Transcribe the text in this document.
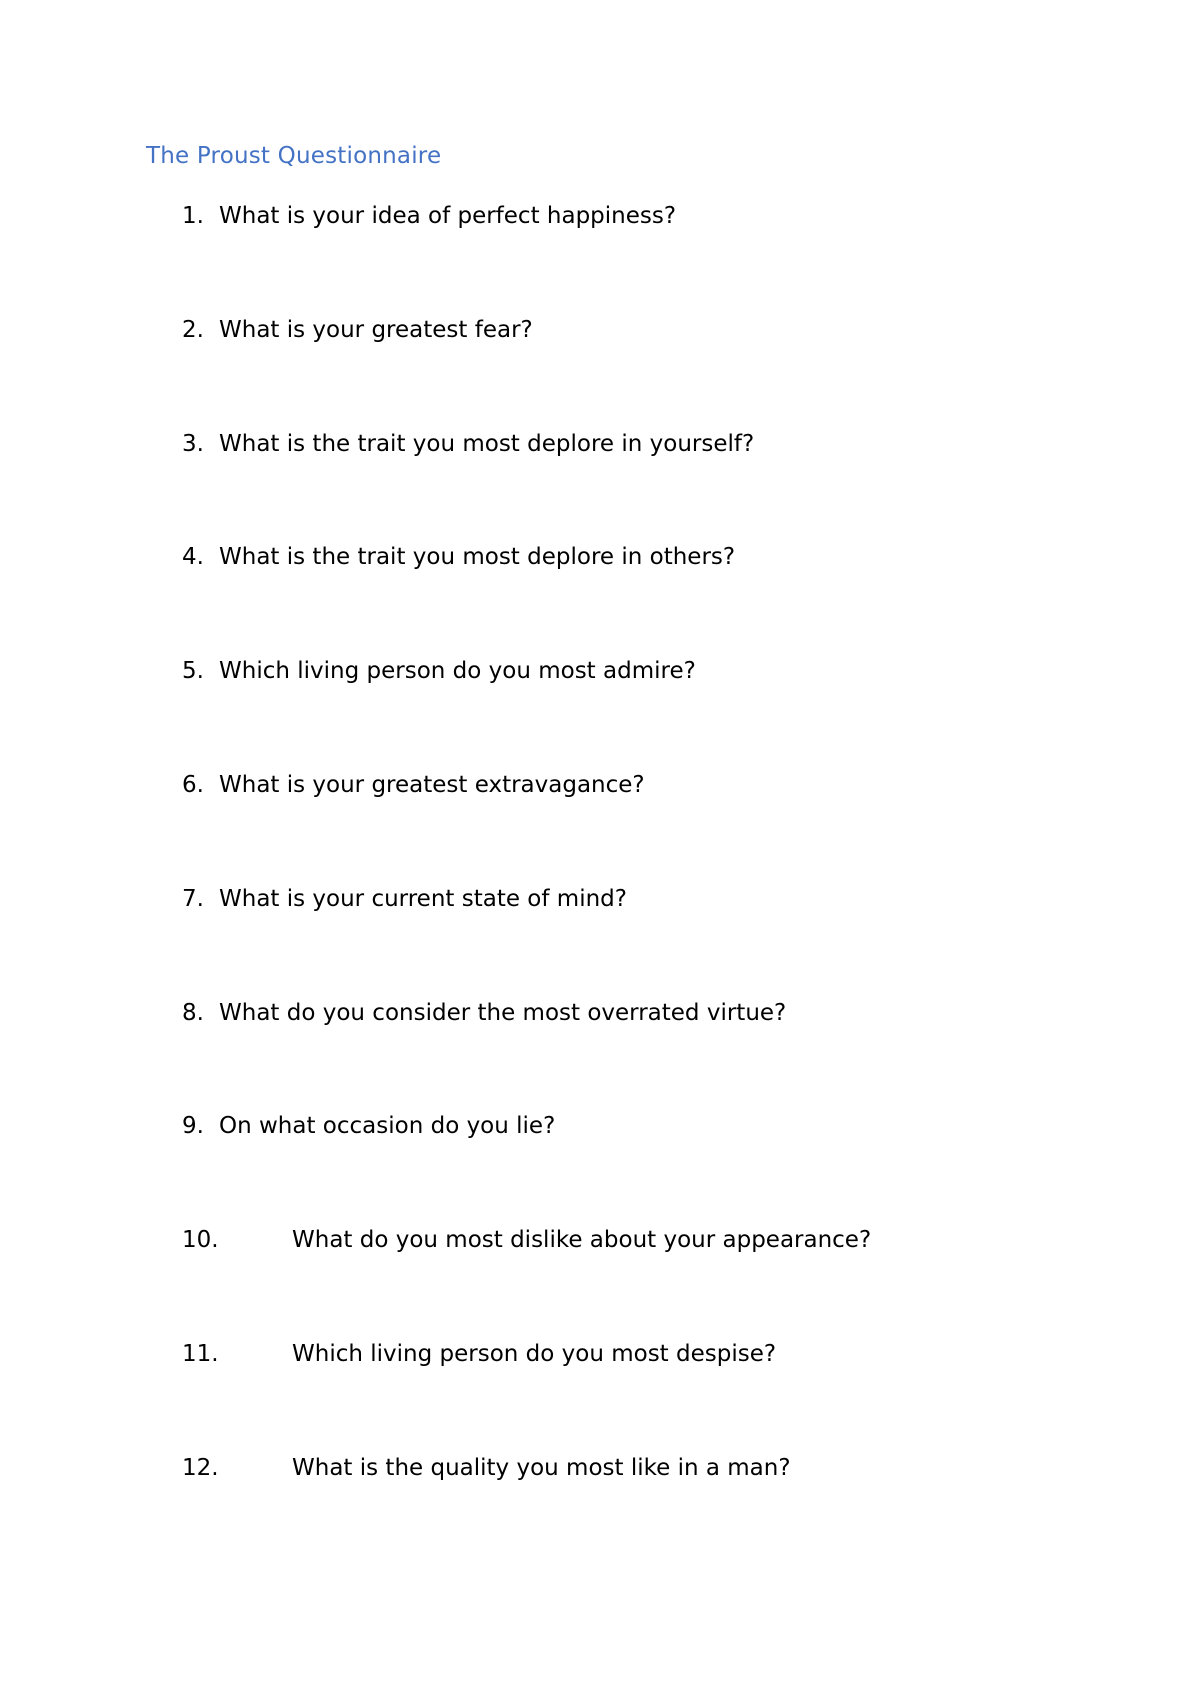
The Proust Questionnaire
1. What is your idea of perfect happiness?
2. What is your greatest fear?
3. What is the trait you most deplore in yourself?
4. What is the trait you most deplore in others?
5. Which living person do you most admire?
6. What is your greatest extravagance?
7. What is your current state of mind?
8. What do you consider the most overrated virtue?
9. On what occasion do you lie?
10.	What do you most dislike about your appearance?
11.	Which living person do you most despise?
12.	What is the quality you most like in a man?
